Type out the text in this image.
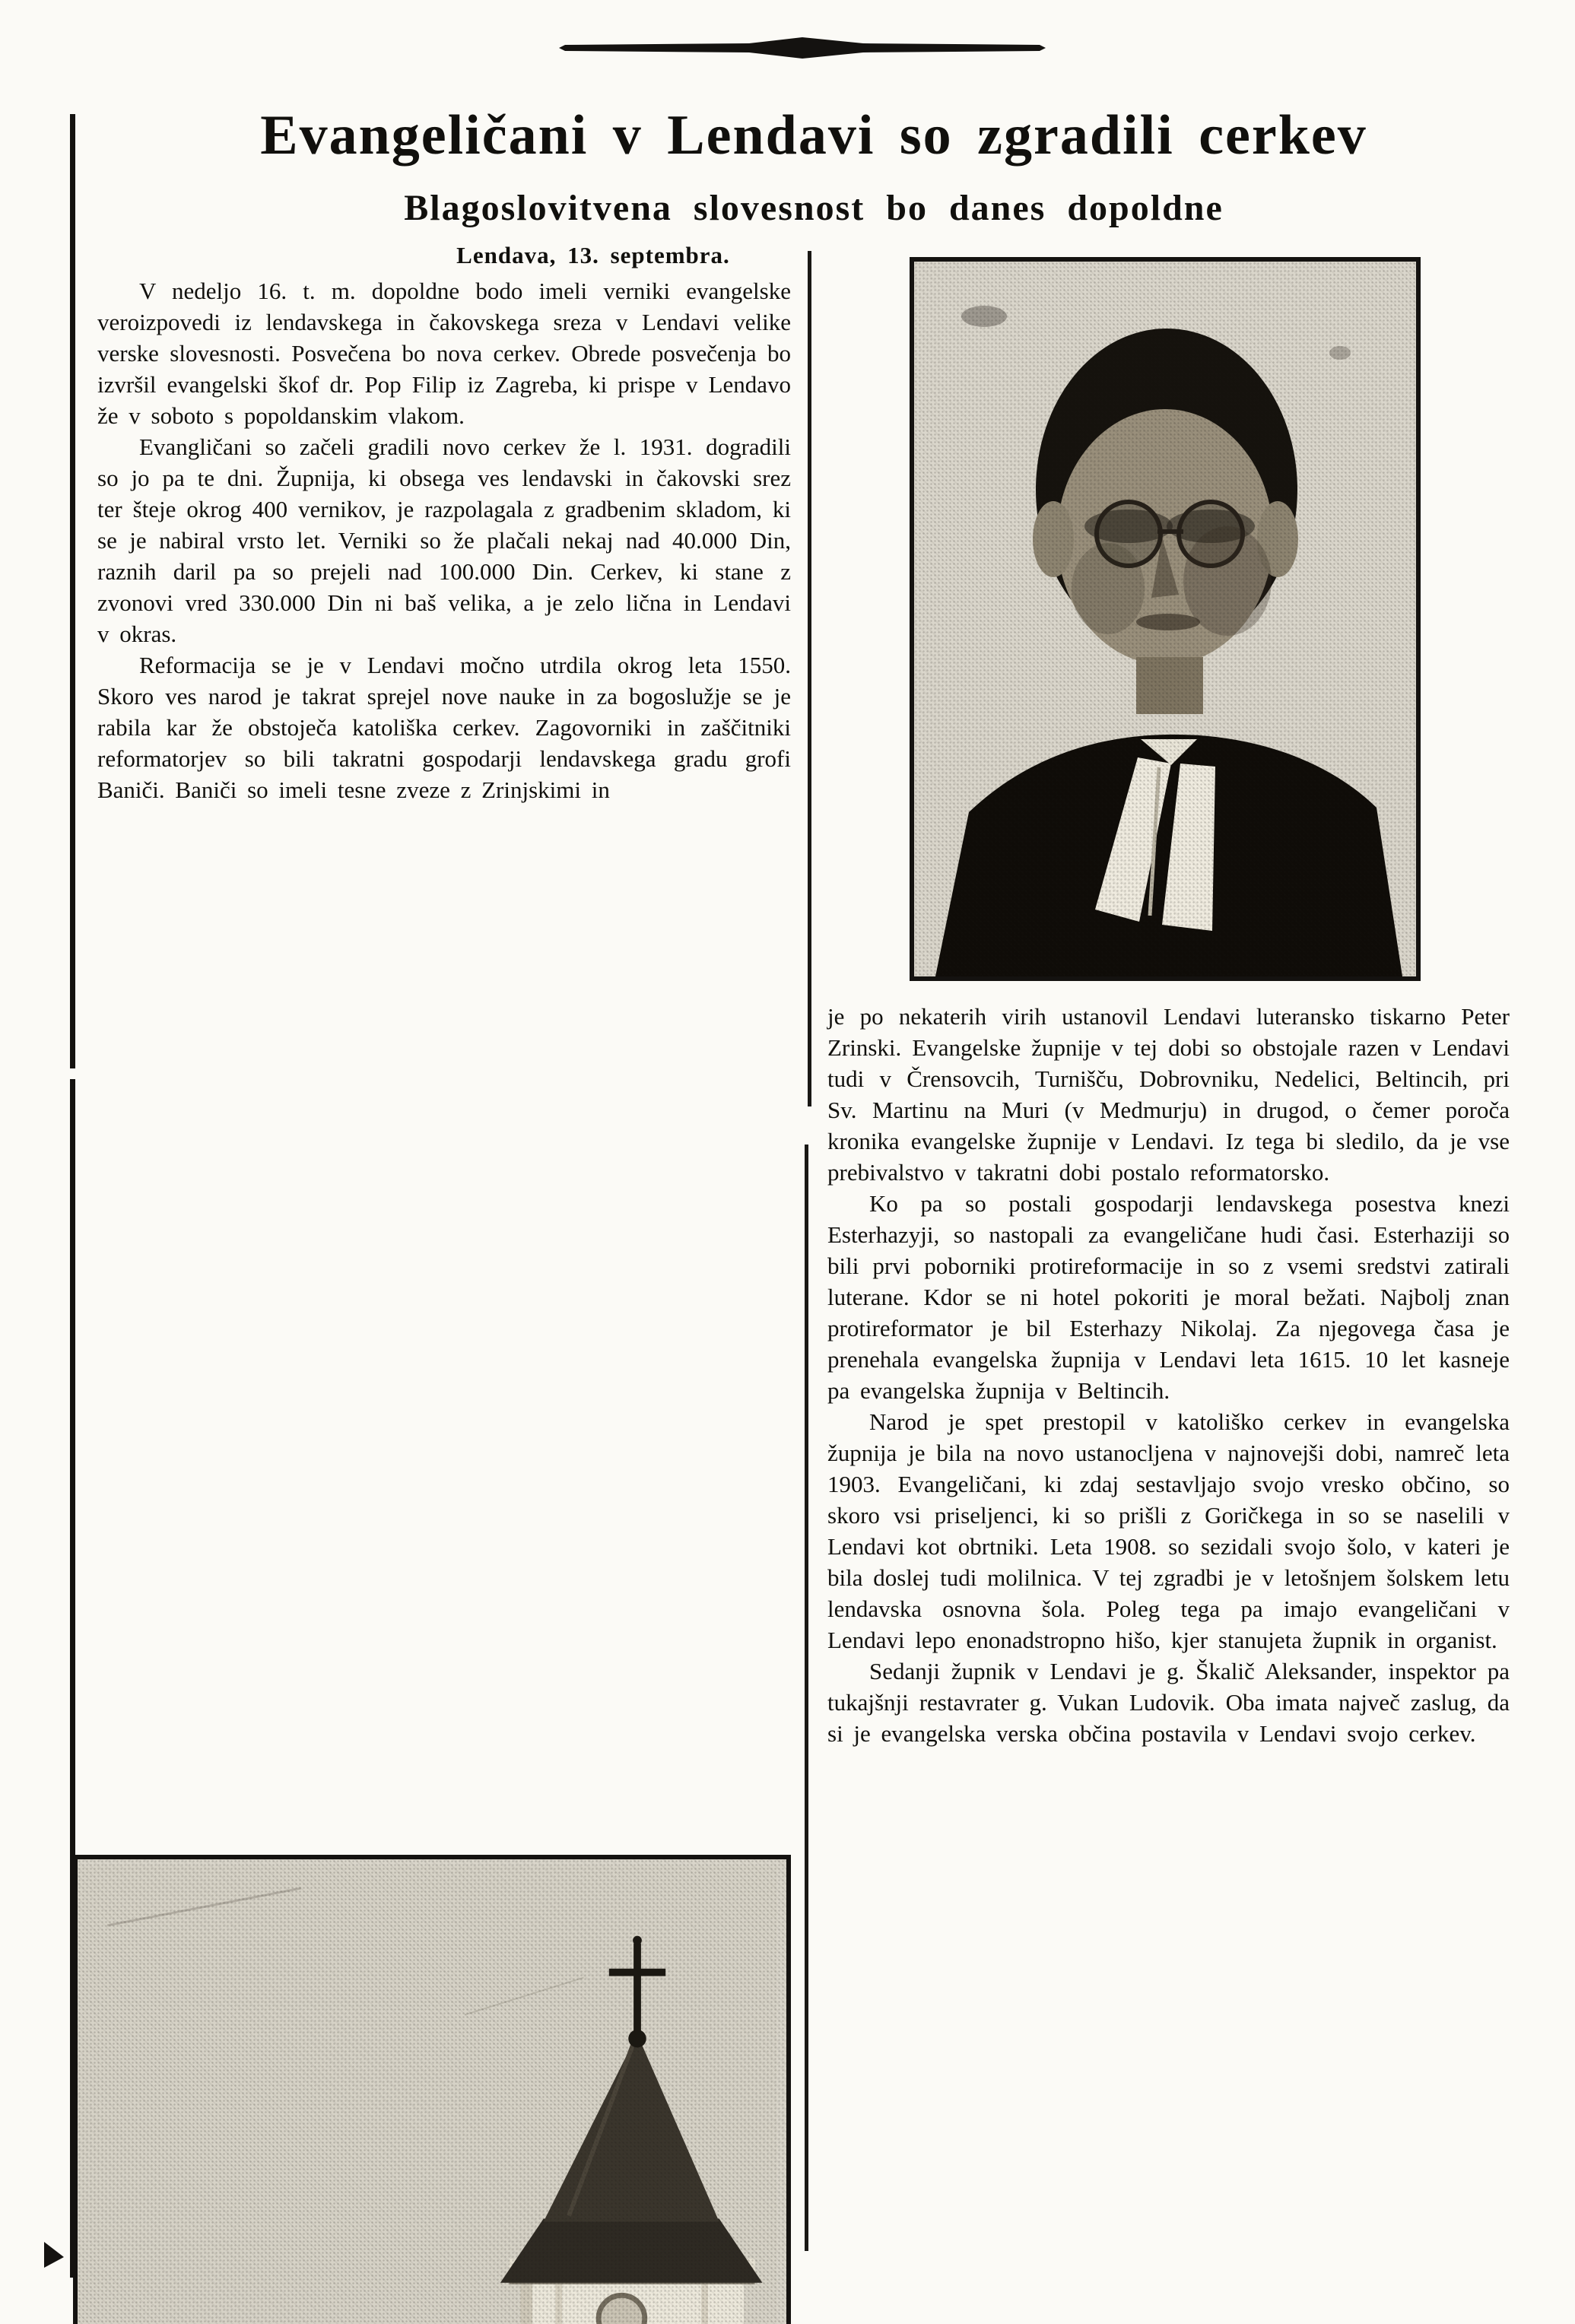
Evangeličani v Lendavi so zgradili cerkev
Blagoslovitvena slovesnost bo danes dopoldne
Lendava, 13. septembra.

V nedeljo 16. t. m. dopoldne bodo imeli verniki evangelske veroizpovedi iz lendavskega in čakovskega sreza v Lendavi velike verske slovesnosti. Posvečena bo nova cerkev. Obrede posvečenja bo izvršil evangelski škof dr. Pop Filip iz Zagreba, ki prispe v Lendavo že v soboto s popoldanskim vlakom.

Evangličani so začeli gradili novo cerkev že l. 1931. dogradili so jo pa te dni. Župnija, ki obsega ves lendavski in čakovski srez ter šteje okrog 400 vernikov, je razpolagala z gradbenim skladom, ki se je nabiral vrsto let. Verniki so že plačali nekaj nad 40.000 Din, raznih daril pa so prejeli nad 100.000 Din. Cerkev, ki stane z zvonovi vred 330.000 Din ni baš velika, a je zelo lična in Lendavi v okras.

Reformacija se je v Lendavi močno utrdila okrog leta 1550. Skoro ves narod je takrat sprejel nove nauke in za bogoslužje se je rabila kar že obstoječa katoliška cerkev. Zagovorniki in zaščitniki reformatorjev so bili takratni gospodarji lendavskega gradu grofi Baniči. Baniči so imeli tesne zveze z Zrinjskimi in

je po nekaterih virih ustanovil Lendavi luteransko tiskarno Peter Zrinski. Evangelske župnije v tej dobi so obstojale razen v Lendavi tudi v Črensovcih, Turnišču, Dobrovniku, Nedelici, Beltincih, pri Sv. Martinu na Muri (v Medmurju) in drugod, o čemer poroča kronika evangelske župnije v Lendavi. Iz tega bi sledilo, da je vse prebivalstvo v takratni dobi postalo reformatorsko.

Ko pa so postali gospodarji lendavskega posestva knezi Esterhazyji, so nastopali za evangeličane hudi časi. Esterhaziji so bili prvi poborniki protireformacije in so z vsemi sredstvi zatirali luterane. Kdor se ni hotel pokoriti je moral bežati. Najbolj znan protireformator je bil Esterhazy Nikolaj. Za njegovega časa je prenehala evangelska župnija v Lendavi leta 1615. 10 let kasneje pa evangelska župnija v Beltincih.

Narod je spet prestopil v katoliško cerkev in evangelska župnija je bila na novo ustanocljena v najnovejši dobi, namreč leta 1903. Evangeličani, ki zdaj sestavljajo svojo vresko občino, so skoro vsi priseljenci, ki so prišli z Goričkega in so se naselili v Lendavi kot obrtniki. Leta 1908. so sezidali svojo šolo, v kateri je bila doslej tudi molilnica. V tej zgradbi je v letošnjem šolskem letu lendavska osnovna šola. Poleg tega pa imajo evangeličani v Lendavi lepo enonadstropno hišo, kjer stanujeta župnik in organist.

Sedanji župnik v Lendavi je g. Škalič Aleksander, inspektor pa tukajšnji restavrater g. Vukan Ludovik. Oba imata največ zaslug, da si je evangelska verska občina postavila v Lendavi svojo cerkev.
